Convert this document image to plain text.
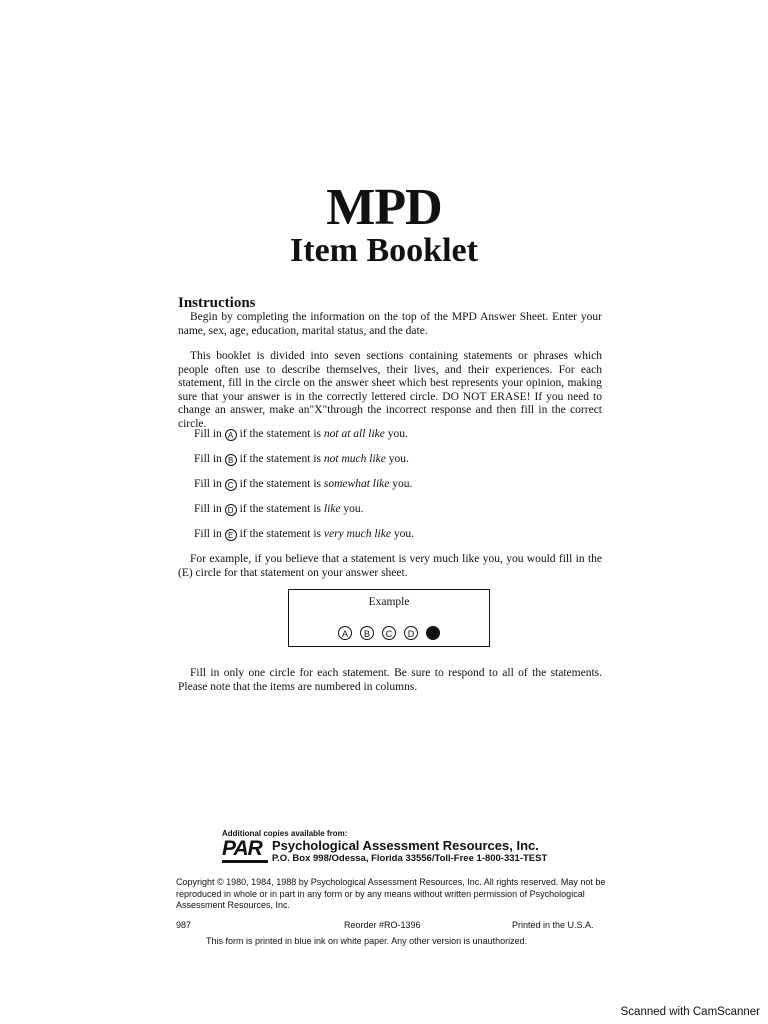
MPD
Item Booklet
Instructions
Begin by completing the information on the top of the MPD Answer Sheet. Enter your name, sex, age, education, marital status, and the date.
This booklet is divided into seven sections containing statements or phrases which people often use to describe themselves, their lives, and their experiences. For each statement, fill in the circle on the answer sheet which best represents your opinion, making sure that your answer is in the correctly lettered circle. DO NOT ERASE! If you need to change an answer, make an"X"through the incorrect response and then fill in the correct circle.
Fill in A if the statement is not at all like you.
Fill in B if the statement is not much like you.
Fill in C if the statement is somewhat like you.
Fill in D if the statement is like you.
Fill in E if the statement is very much like you.
For example, if you believe that a statement is very much like you, you would fill in the (E) circle for that statement on your answer sheet.
Example
A B C D E
Fill in only one circle for each statement. Be sure to respond to all of the statements. Please note that the items are numbered in columns.
Additional copies available from:
PAR Psychological Assessment Resources, Inc.
P.O. Box 998/Odessa, Florida 33556/Toll-Free 1-800-331-TEST
Copyright © 1980, 1984, 1988 by Psychological Assessment Resources, Inc. All rights reserved. May not be reproduced in whole or in part in any form or by any means without written permission of Psychological Assessment Resources, Inc.
987	Reorder #RO-1396	Printed in the U.S.A.
This form is printed in blue ink on white paper. Any other version is unauthorized.
Scanned with CamScanner
